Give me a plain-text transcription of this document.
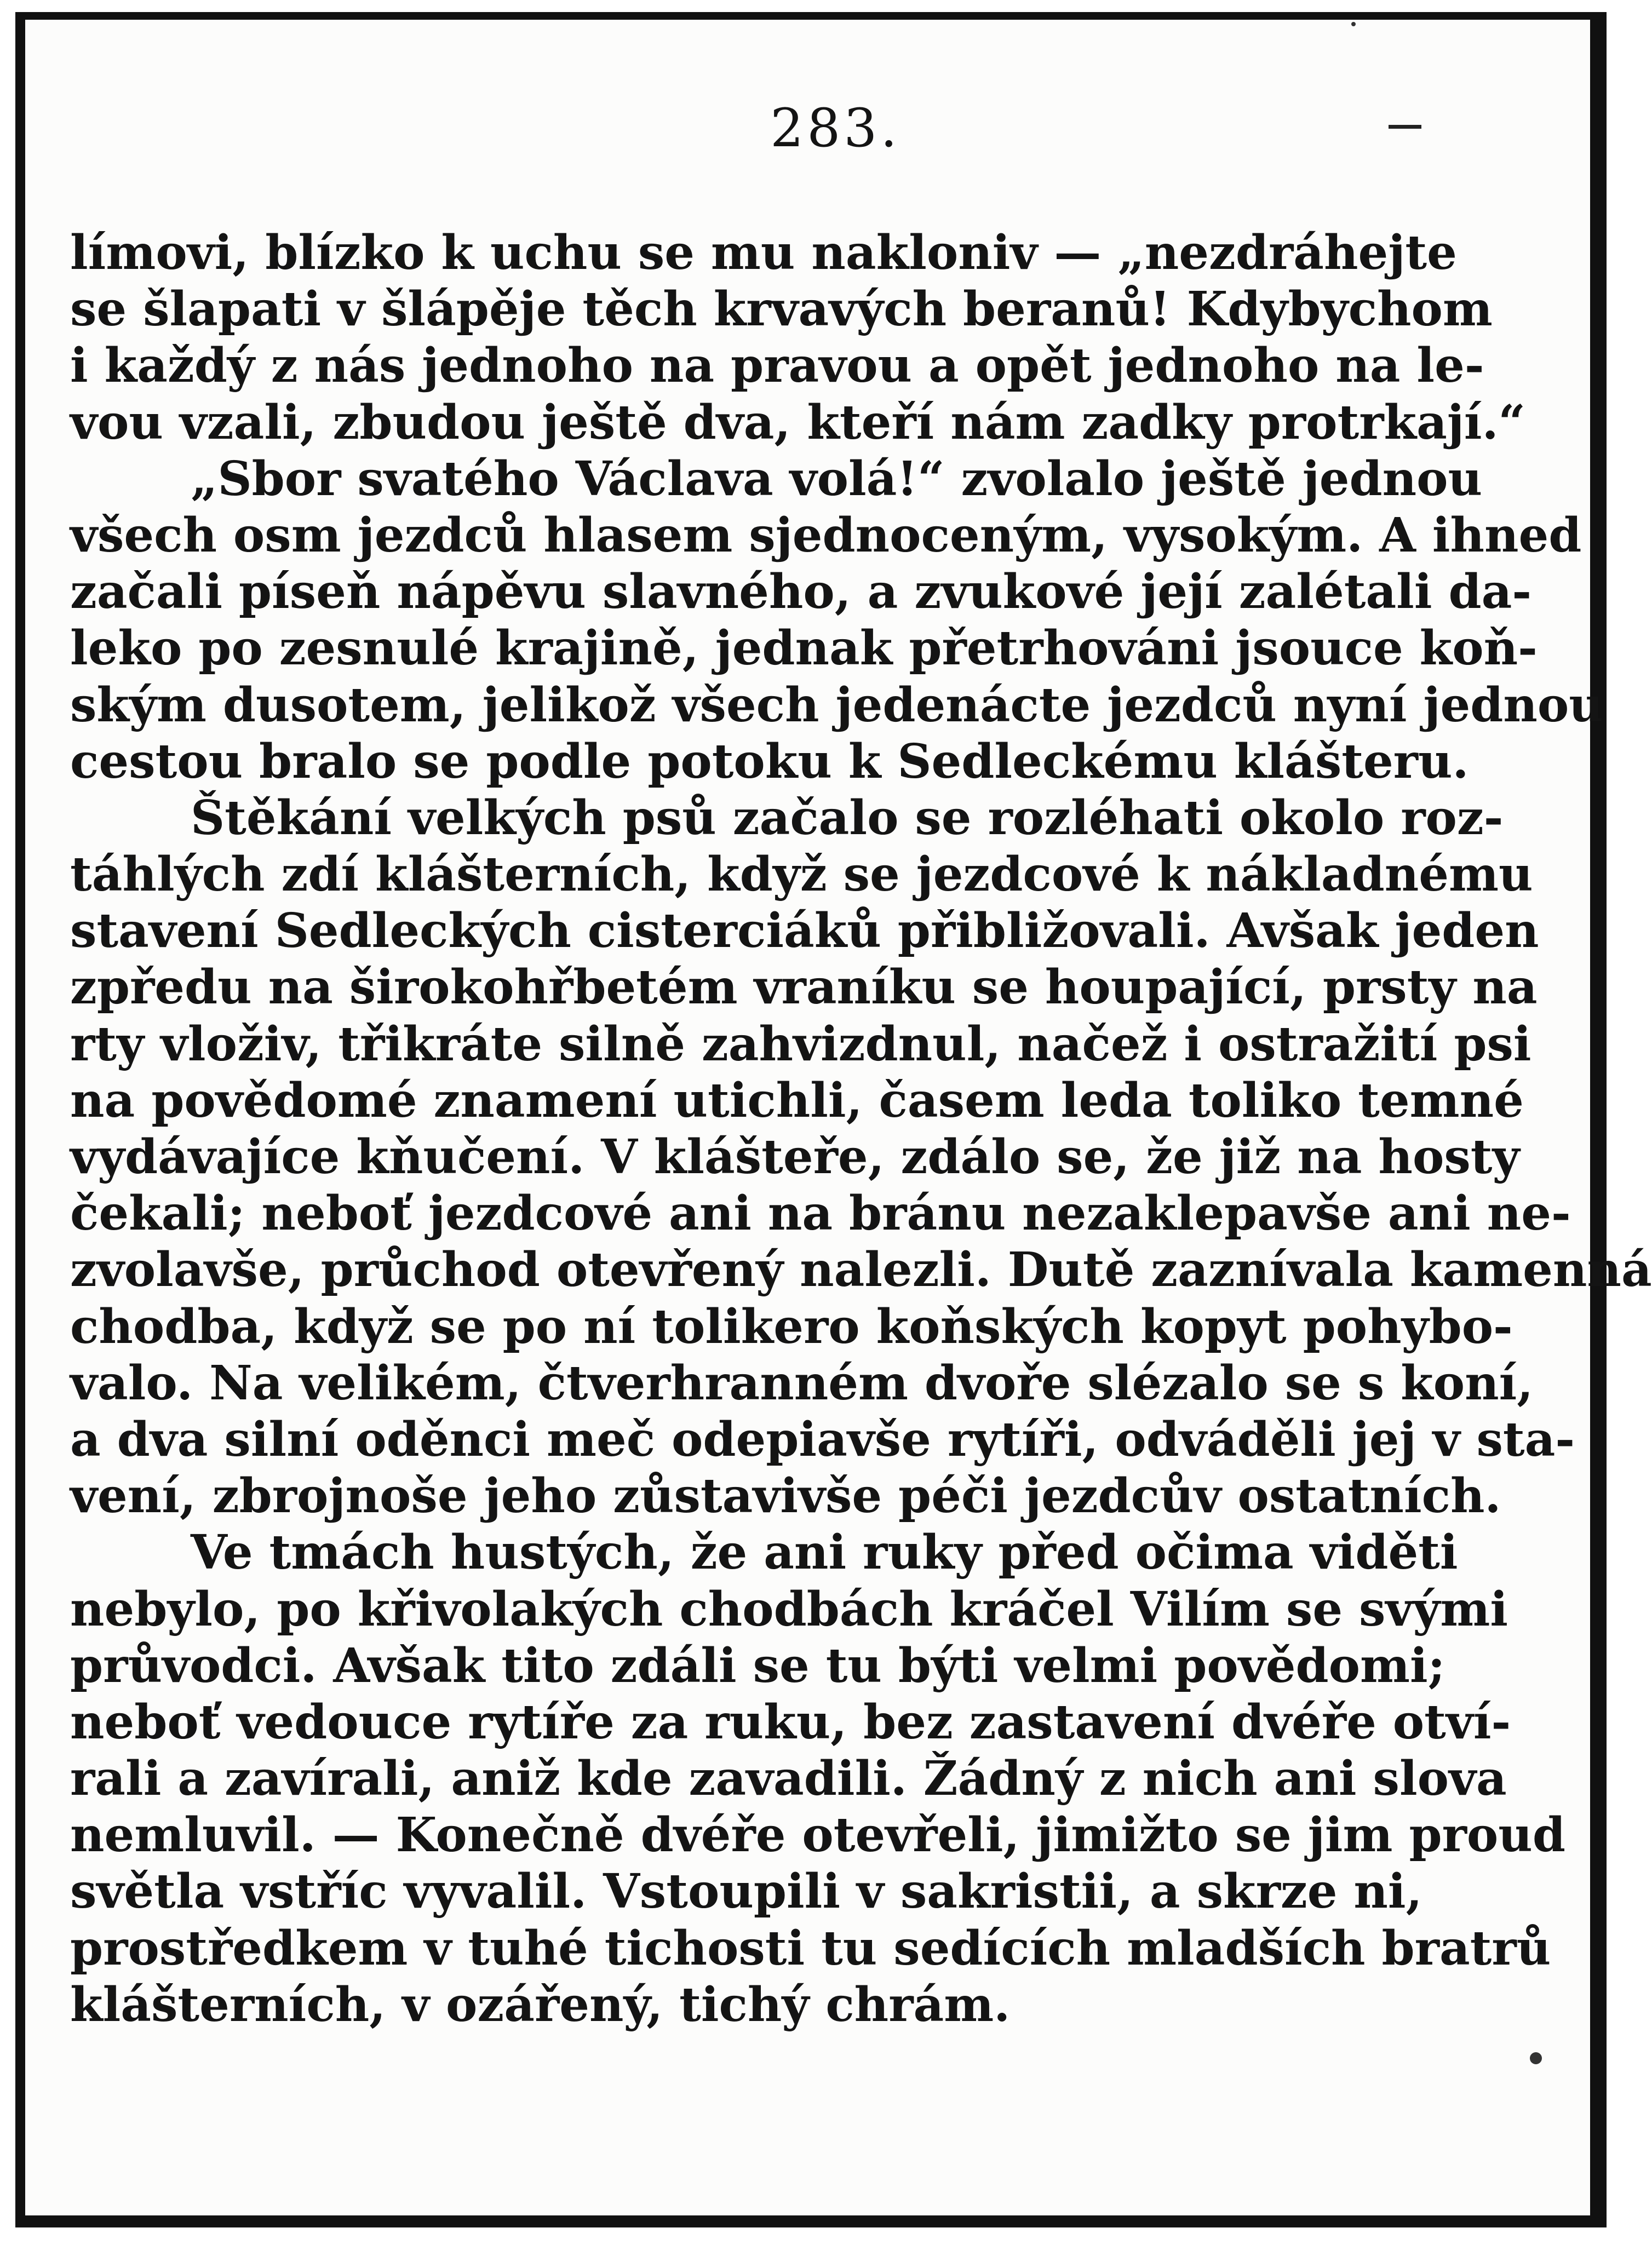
283.
límovi, blízko k uchu se mu nakloniv — „nezdráhejte
se šlapati v šlápěje těch krvavých beranů! Kdybychom
i každý z nás jednoho na pravou a opět jednoho na le-
vou vzali, zbudou ještě dva, kteří nám zadky protrkají.“
„Sbor svatého Václava volá!“ zvolalo ještě jednou
všech osm jezdců hlasem sjednoceným, vysokým. A ihned
začali píseň nápěvu slavného, a zvukové její zalétali da-
leko po zesnulé krajině, jednak přetrhováni jsouce koň-
ským dusotem, jelikož všech jedenácte jezdců nyní jednou
cestou bralo se podle potoku k Sedleckému klášteru.
Štěkání velkých psů začalo se rozléhati okolo roz-
táhlých zdí klášterních, když se jezdcové k nákladnému
stavení Sedleckých cisterciáků přibližovali. Avšak jeden
zpředu na širokohřbetém vraníku se houpající, prsty na
rty vloživ, třikráte silně zahvizdnul, načež i ostražití psi
na povědomé znamení utichli, časem leda toliko temné
vydávajíce kňučení. V klášteře, zdálo se, že již na hosty
čekali; neboť jezdcové ani na bránu nezaklepavše ani ne-
zvolavše, průchod otevřený nalezli. Dutě zaznívala kamenná
chodba, když se po ní tolikero koňských kopyt pohybo-
valo. Na velikém, čtverhranném dvoře slézalo se s koní,
a dva silní oděnci meč odepiavše rytíři, odváděli jej v sta-
vení, zbrojnoše jeho zůstavivše péči jezdcův ostatních.
Ve tmách hustých, že ani ruky před očima viděti
nebylo, po křivolakých chodbách kráčel Vilím se svými
průvodci. Avšak tito zdáli se tu býti velmi povědomi;
neboť vedouce rytíře za ruku, bez zastavení dvéře otví-
rali a zavírali, aniž kde zavadili. Žádný z nich ani slova
nemluvil. — Konečně dvéře otevřeli, jimižto se jim proud
světla vstříc vyvalil. Vstoupili v sakristii, a skrze ni,
prostředkem v tuhé tichosti tu sedících mladších bratrů
klášterních, v ozářený, tichý chrám.
